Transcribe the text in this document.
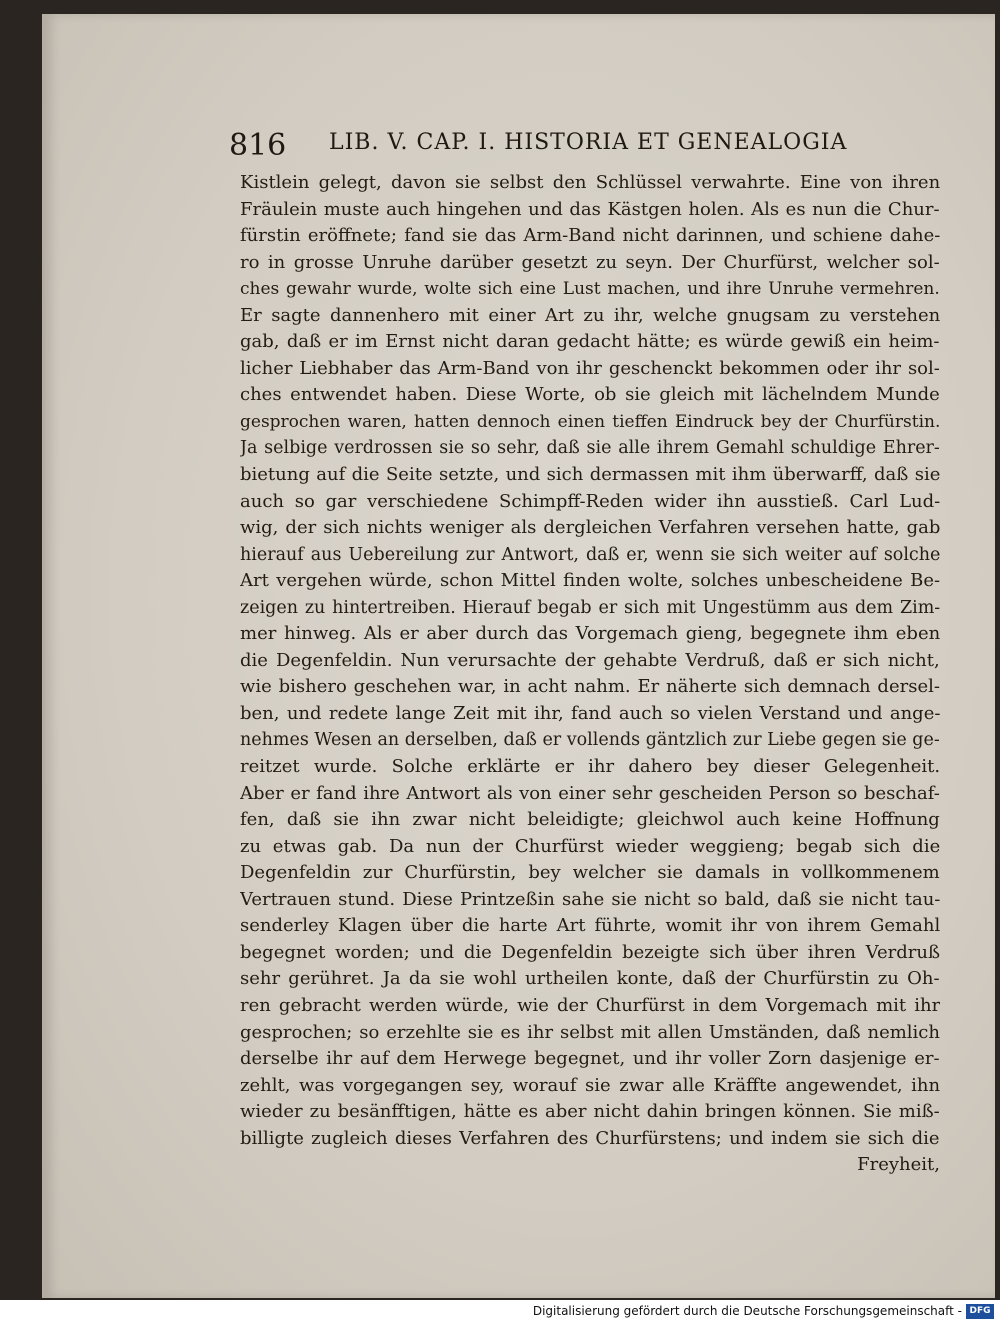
816 LIB. V. CAP. I. HISTORIA ET GENEALOGIA
Kistlein gelegt, davon sie selbst den Schlüssel verwahrte. Eine von ihren
Fräulein muste auch hingehen und das Kästgen holen. Als es nun die Chur-
fürstin eröffnete; fand sie das Arm-Band nicht darinnen, und schiene dahe-
ro in grosse Unruhe darüber gesetzt zu seyn. Der Churfürst, welcher sol-
ches gewahr wurde, wolte sich eine Lust machen, und ihre Unruhe vermehren.
Er sagte dannenhero mit einer Art zu ihr, welche gnugsam zu verstehen
gab, daß er im Ernst nicht daran gedacht hätte; es würde gewiß ein heim-
licher Liebhaber das Arm-Band von ihr geschenckt bekommen oder ihr sol-
ches entwendet haben. Diese Worte, ob sie gleich mit lächelndem Munde
gesprochen waren, hatten dennoch einen tieffen Eindruck bey der Churfürstin.
Ja selbige verdrossen sie so sehr, daß sie alle ihrem Gemahl schuldige Ehrer-
bietung auf die Seite setzte, und sich dermassen mit ihm überwarff, daß sie
auch so gar verschiedene Schimpff-Reden wider ihn ausstieß. Carl Lud-
wig, der sich nichts weniger als dergleichen Verfahren versehen hatte, gab
hierauf aus Uebereilung zur Antwort, daß er, wenn sie sich weiter auf solche
Art vergehen würde, schon Mittel finden wolte, solches unbescheidene Be-
zeigen zu hintertreiben. Hierauf begab er sich mit Ungestümm aus dem Zim-
mer hinweg. Als er aber durch das Vorgemach gieng, begegnete ihm eben
die Degenfeldin. Nun verursachte der gehabte Verdruß, daß er sich nicht,
wie bishero geschehen war, in acht nahm. Er näherte sich demnach dersel-
ben, und redete lange Zeit mit ihr, fand auch so vielen Verstand und ange-
nehmes Wesen an derselben, daß er vollends gäntzlich zur Liebe gegen sie ge-
reitzet wurde. Solche erklärte er ihr dahero bey dieser Gelegenheit.
Aber er fand ihre Antwort als von einer sehr gescheiden Person so beschaf-
fen, daß sie ihn zwar nicht beleidigte; gleichwol auch keine Hoffnung
zu etwas gab. Da nun der Churfürst wieder weggieng; begab sich die
Degenfeldin zur Churfürstin, bey welcher sie damals in vollkommenem
Vertrauen stund. Diese Printzeßin sahe sie nicht so bald, daß sie nicht tau-
senderley Klagen über die harte Art führte, womit ihr von ihrem Gemahl
begegnet worden; und die Degenfeldin bezeigte sich über ihren Verdruß
sehr gerühret. Ja da sie wohl urtheilen konte, daß der Churfürstin zu Oh-
ren gebracht werden würde, wie der Churfürst in dem Vorgemach mit ihr
gesprochen; so erzehlte sie es ihr selbst mit allen Umständen, daß nemlich
derselbe ihr auf dem Herwege begegnet, und ihr voller Zorn dasjenige er-
zehlt, was vorgegangen sey, worauf sie zwar alle Kräffte angewendet, ihn
wieder zu besänfftigen, hätte es aber nicht dahin bringen können. Sie miß-
billigte zugleich dieses Verfahren des Churfürstens; und indem sie sich die
Freyheit,
Digitalisierung gefördert durch die Deutsche Forschungsgemeinschaft - DFG
